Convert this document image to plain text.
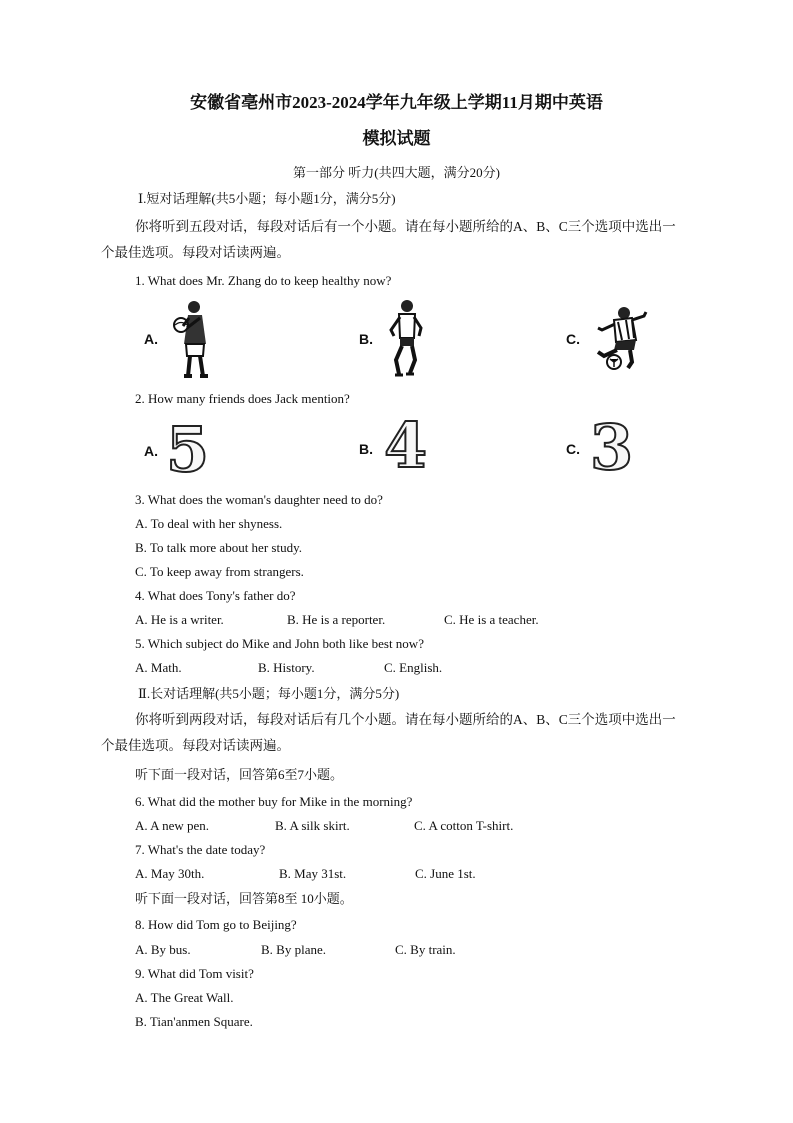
安徽省亳州市2023-2024学年九年级上学期11月期中英语
模拟试题
第一部分 听力(共四大题，满分20分)
Ⅰ.短对话理解(共5小题；每小题1分，满分5分)
你将听到五段对话，每段对话后有一个小题。请在每小题所给的A、B、C三个选项中选出一个最佳选项。每段对话读两遍。
1. What does Mr. Zhang do to keep healthy now?
A.	B.	C.
2. How many friends does Jack mention?
A. 5	B. 4	C. 3
3. What does the woman's daughter need to do?
A. To deal with her shyness.
B. To talk more about her study.
C. To keep away from strangers.
4. What does Tony's father do?
A. He is a writer.	B. He is a reporter.	C. He is a teacher.
5. Which subject do Mike and John both like best now?
A. Math.	B. History.	C. English.
Ⅱ.长对话理解(共5小题；每小题1分，满分5分)
你将听到两段对话，每段对话后有几个小题。请在每小题所给的A、B、C三个选项中选出一个最佳选项。每段对话读两遍。
听下面一段对话，回答第6至7小题。
6. What did the mother buy for Mike in the morning?
A. A new pen.	B. A silk skirt.	C. A cotton T-shirt.
7. What's the date today?
A. May 30th.	B. May 31st.	C. June 1st.
听下面一段对话，回答第8至 10小题。
8. How did Tom go to Beijing?
A. By bus.	B. By plane.	C. By train.
9. What did Tom visit?
A. The Great Wall.
B. Tian'anmen Square.
